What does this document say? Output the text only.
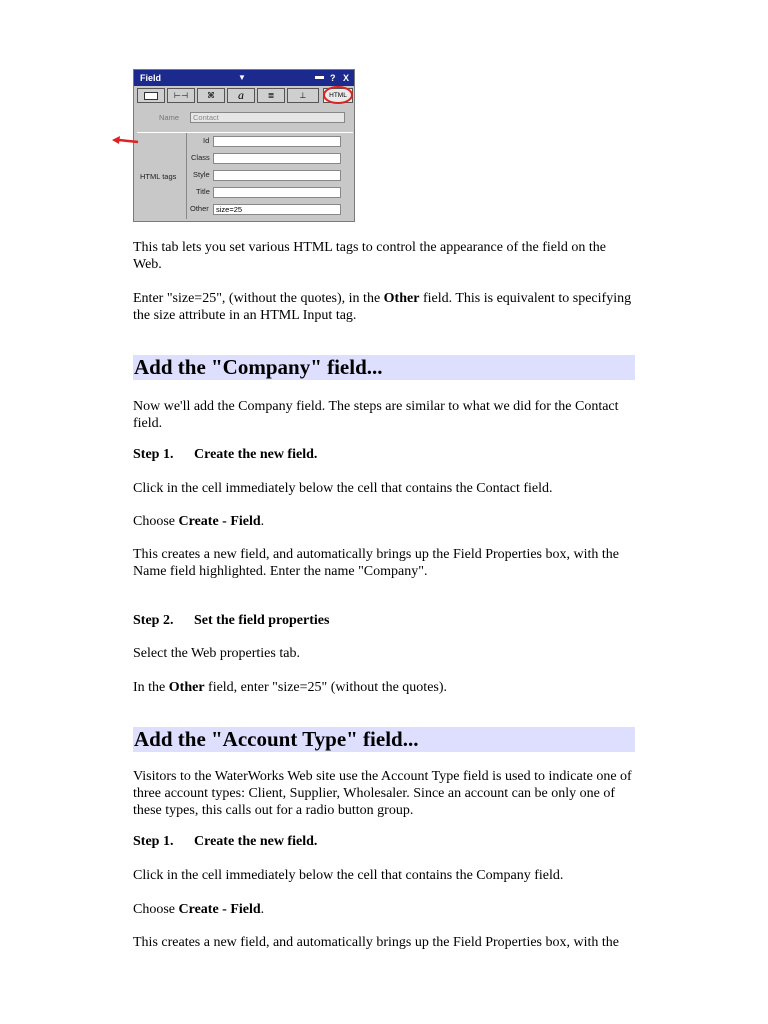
Field	▼	? X
⊢⊣	⌘	a	≣	⊥	HTML
Name	Contact
HTML tags
Id
Class
Style
Title
Other size=25

This tab lets you set various HTML tags to control the appearance of the field on the Web.

Enter "size=25", (without the quotes), in the Other field. This is equivalent to specifying the size attribute in an HTML Input tag.

Add the "Company" field...

Now we'll add the Company field. The steps are similar to what we did for the Contact field.

Step 1. Create the new field.

Click in the cell immediately below the cell that contains the Contact field.

Choose Create - Field.

This creates a new field, and automatically brings up the Field Properties box, with the Name field highlighted. Enter the name "Company".

Step 2. Set the field properties

Select the Web properties tab.

In the Other field, enter "size=25" (without the quotes).

Add the "Account Type" field...

Visitors to the WaterWorks Web site use the Account Type field is used to indicate one of three account types: Client, Supplier, Wholesaler. Since an account can be only one of these types, this calls out for a radio button group.

Step 1. Create the new field.

Click in the cell immediately below the cell that contains the Company field.

Choose Create - Field.

This creates a new field, and automatically brings up the Field Properties box, with the
